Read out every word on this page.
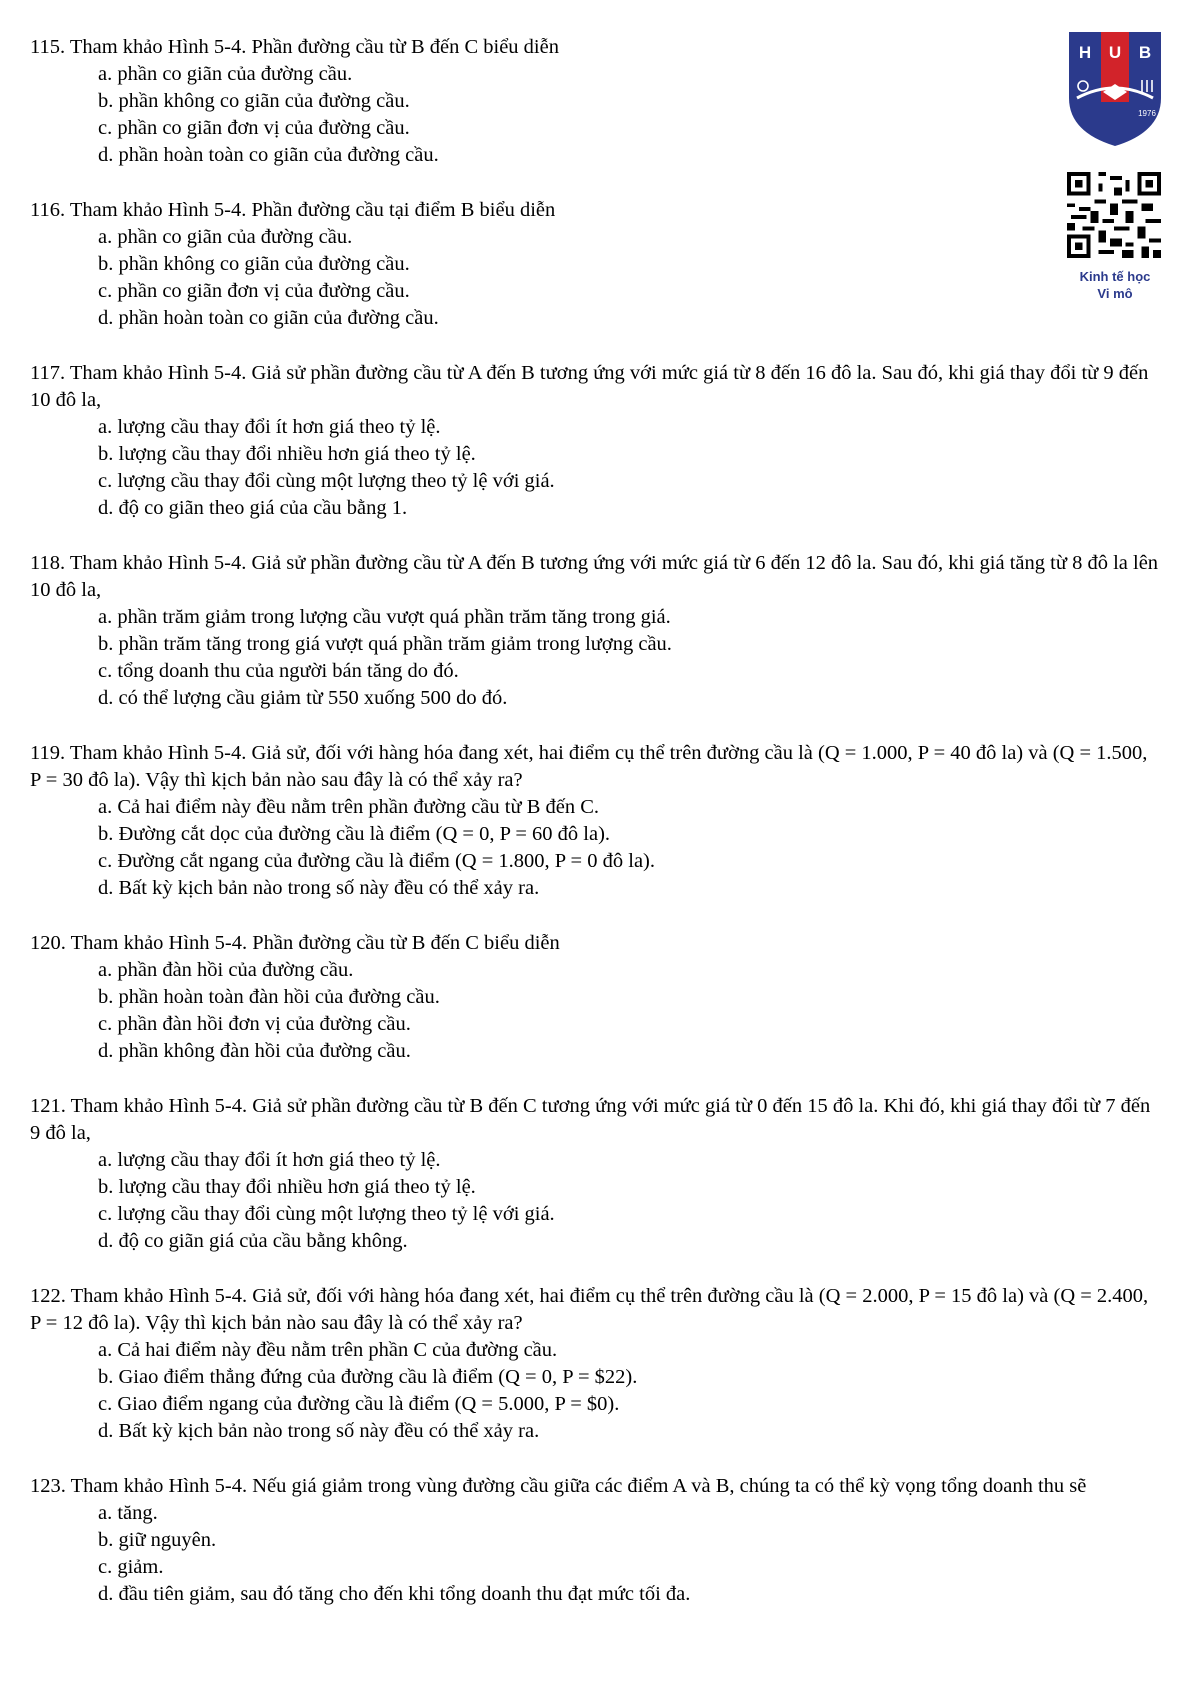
H U B
1976
Kinh tế học
Vi mô

115. Tham khảo Hình 5-4. Phần đường cầu từ B đến C biểu diễn

a. phần co giãn của đường cầu.
b. phần không co giãn của đường cầu.
c. phần co giãn đơn vị của đường cầu.
d. phần hoàn toàn co giãn của đường cầu.

116. Tham khảo Hình 5-4. Phần đường cầu tại điểm B biểu diễn

a. phần co giãn của đường cầu.
b. phần không co giãn của đường cầu.
c. phần co giãn đơn vị của đường cầu.
d. phần hoàn toàn co giãn của đường cầu.

117. Tham khảo Hình 5-4. Giả sử phần đường cầu từ A đến B tương ứng với mức giá từ 8 đến 16 đô la. Sau đó, khi giá thay đổi từ 9 đến 10 đô la,

a. lượng cầu thay đổi ít hơn giá theo tỷ lệ.
b. lượng cầu thay đổi nhiều hơn giá theo tỷ lệ.
c. lượng cầu thay đổi cùng một lượng theo tỷ lệ với giá.
d. độ co giãn theo giá của cầu bằng 1.

118. Tham khảo Hình 5-4. Giả sử phần đường cầu từ A đến B tương ứng với mức giá từ 6 đến 12 đô la. Sau đó, khi giá tăng từ 8 đô la lên 10 đô la,

a. phần trăm giảm trong lượng cầu vượt quá phần trăm tăng trong giá.
b. phần trăm tăng trong giá vượt quá phần trăm giảm trong lượng cầu.
c. tổng doanh thu của người bán tăng do đó.
d. có thể lượng cầu giảm từ 550 xuống 500 do đó.

119. Tham khảo Hình 5-4. Giả sử, đối với hàng hóa đang xét, hai điểm cụ thể trên đường cầu là (Q = 1.000, P = 40 đô la) và (Q = 1.500, P = 30 đô la). Vậy thì kịch bản nào sau đây là có thể xảy ra?

a. Cả hai điểm này đều nằm trên phần đường cầu từ B đến C.
b. Đường cắt dọc của đường cầu là điểm (Q = 0, P = 60 đô la).
c. Đường cắt ngang của đường cầu là điểm (Q = 1.800, P = 0 đô la).
d. Bất kỳ kịch bản nào trong số này đều có thể xảy ra.

120. Tham khảo Hình 5-4. Phần đường cầu từ B đến C biểu diễn

a. phần đàn hồi của đường cầu.
b. phần hoàn toàn đàn hồi của đường cầu.
c. phần đàn hồi đơn vị của đường cầu.
d. phần không đàn hồi của đường cầu.

121. Tham khảo Hình 5-4. Giả sử phần đường cầu từ B đến C tương ứng với mức giá từ 0 đến 15 đô la. Khi đó, khi giá thay đổi từ 7 đến 9 đô la,

a. lượng cầu thay đổi ít hơn giá theo tỷ lệ.
b. lượng cầu thay đổi nhiều hơn giá theo tỷ lệ.
c. lượng cầu thay đổi cùng một lượng theo tỷ lệ với giá.
d. độ co giãn giá của cầu bằng không.

122. Tham khảo Hình 5-4. Giả sử, đối với hàng hóa đang xét, hai điểm cụ thể trên đường cầu là (Q = 2.000, P = 15 đô la) và (Q = 2.400, P = 12 đô la). Vậy thì kịch bản nào sau đây là có thể xảy ra?

a. Cả hai điểm này đều nằm trên phần C của đường cầu.
b. Giao điểm thẳng đứng của đường cầu là điểm (Q = 0, P = $22).
c. Giao điểm ngang của đường cầu là điểm (Q = 5.000, P = $0).
d. Bất kỳ kịch bản nào trong số này đều có thể xảy ra.

123. Tham khảo Hình 5-4. Nếu giá giảm trong vùng đường cầu giữa các điểm A và B, chúng ta có thể kỳ vọng tổng doanh thu sẽ

a. tăng.
b. giữ nguyên.
c. giảm.
d. đầu tiên giảm, sau đó tăng cho đến khi tổng doanh thu đạt mức tối đa.
